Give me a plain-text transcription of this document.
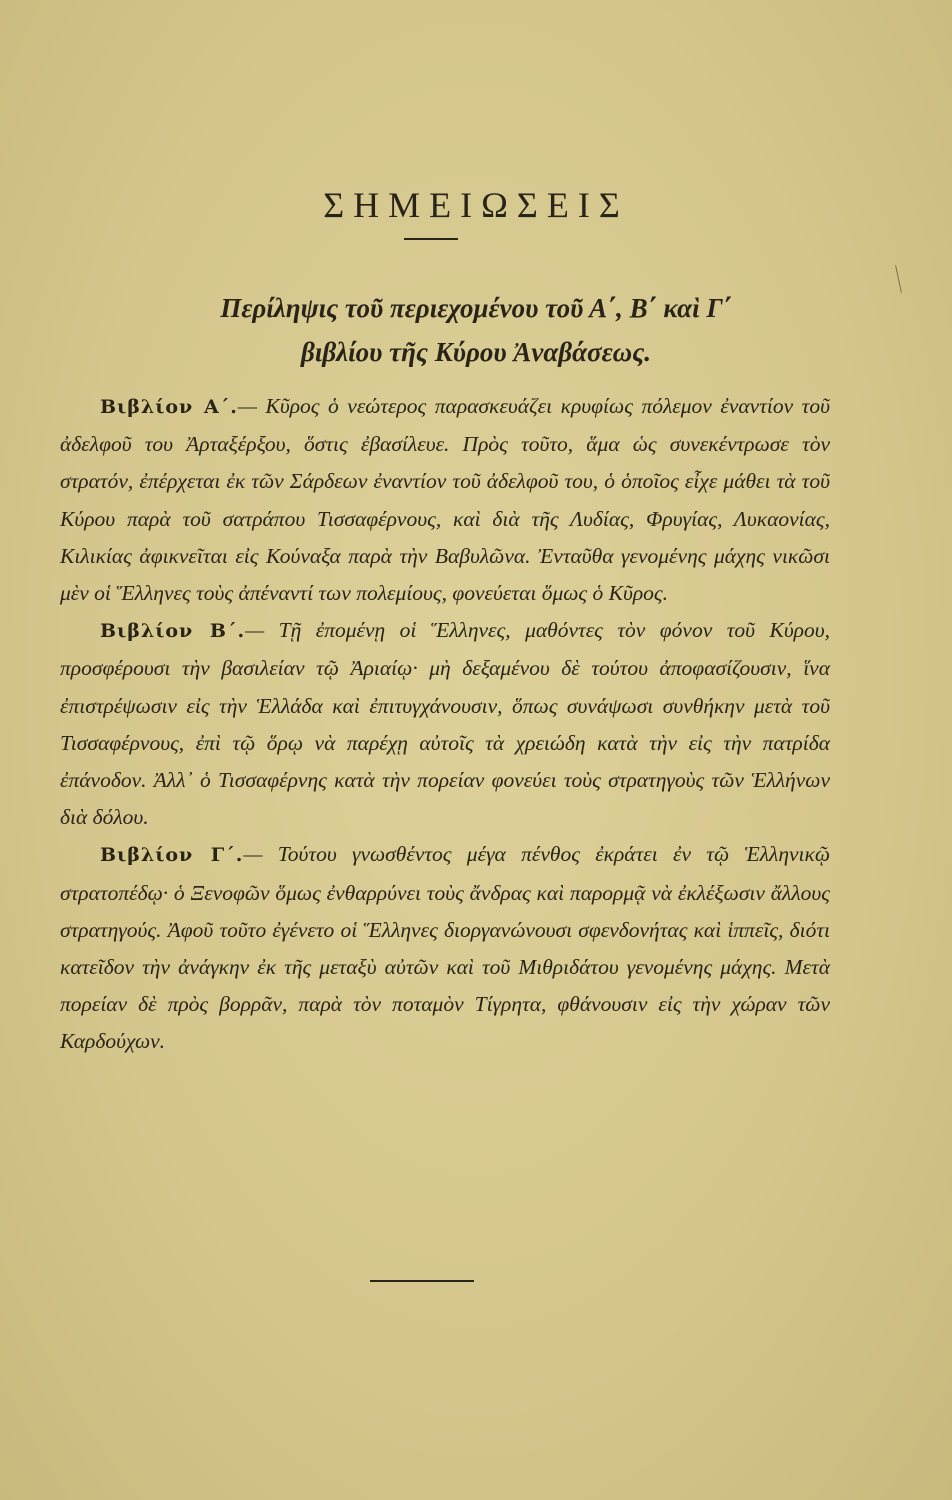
ΣΗΜΕΙΩΣΕΙΣ
Περίληψις τοῦ περιεχομένου τοῦ Α΄, Β΄ καὶ Γ΄
βιβλίου τῆς Κύρου Ἀναβάσεως.

Βιβλίον Α΄.— Κῦρος ὁ νεώτερος παρασκευάζει κρυφίως πόλεμον ἐναντίον τοῦ ἀδελφοῦ του Ἀρταξέρξου, ὅστις ἐβασίλευε. Πρὸς τοῦτο, ἅμα ὡς συνεκέντρωσε τὸν στρατόν, ἐπέρχεται ἐκ τῶν Σάρδεων ἐναντίον τοῦ ἀδελφοῦ του, ὁ ὁποῖος εἶχε μάθει τὰ τοῦ Κύρου παρὰ τοῦ σατράπου Τισσαφέρνους, καὶ διὰ τῆς Λυδίας, Φρυγίας, Λυκαονίας, Κιλικίας ἀφικνεῖται εἰς Κούναξα παρὰ τὴν Βαβυλῶνα. Ἐνταῦθα γενομένης μάχης νικῶσι μὲν οἱ Ἕλληνες τοὺς ἀπέναντί των πολεμίους, φονεύεται ὅμως ὁ Κῦρος.

Βιβλίον Β΄.— Τῇ ἐπομένῃ οἱ Ἕλληνες, μαθόντες τὸν φόνον τοῦ Κύρου, προσφέρουσι τὴν βασιλείαν τῷ Ἀριαίῳ· μὴ δεξαμένου δὲ τούτου ἀποφασίζουσιν, ἵνα ἐπιστρέψωσιν εἰς τὴν Ἑλλάδα καὶ ἐπιτυγχάνουσιν, ὅπως συνάψωσι συνθήκην μετὰ τοῦ Τισσαφέρνους, ἐπὶ τῷ ὅρῳ νὰ παρέχῃ αὐτοῖς τὰ χρειώδη κατὰ τὴν εἰς τὴν πατρίδα ἐπάνοδον. Ἀλλ᾽ ὁ Τισσαφέρνης κατὰ τὴν πορείαν φονεύει τοὺς στρατηγοὺς τῶν Ἑλλήνων διὰ δόλου.

Βιβλίον Γ΄.— Τούτου γνωσθέντος μέγα πένθος ἐκράτει ἐν τῷ Ἑλληνικῷ στρατοπέδῳ· ὁ Ξενοφῶν ὅμως ἐνθαρρύνει τοὺς ἄνδρας καὶ παρορμᾷ νὰ ἐκλέξωσιν ἄλλους στρατηγούς. Ἀφοῦ τοῦτο ἐγένετο οἱ Ἕλληνες διοργανώνουσι σφενδονήτας καὶ ἱππεῖς, διότι κατεῖδον τὴν ἀνάγκην ἐκ τῆς μεταξὺ αὐτῶν καὶ τοῦ Μιθριδάτου γενομένης μάχης. Μετὰ πορείαν δὲ πρὸς βορρᾶν, παρὰ τὸν ποταμὸν Τίγρητα, φθάνουσιν εἰς τὴν χώραν τῶν Καρδούχων.
